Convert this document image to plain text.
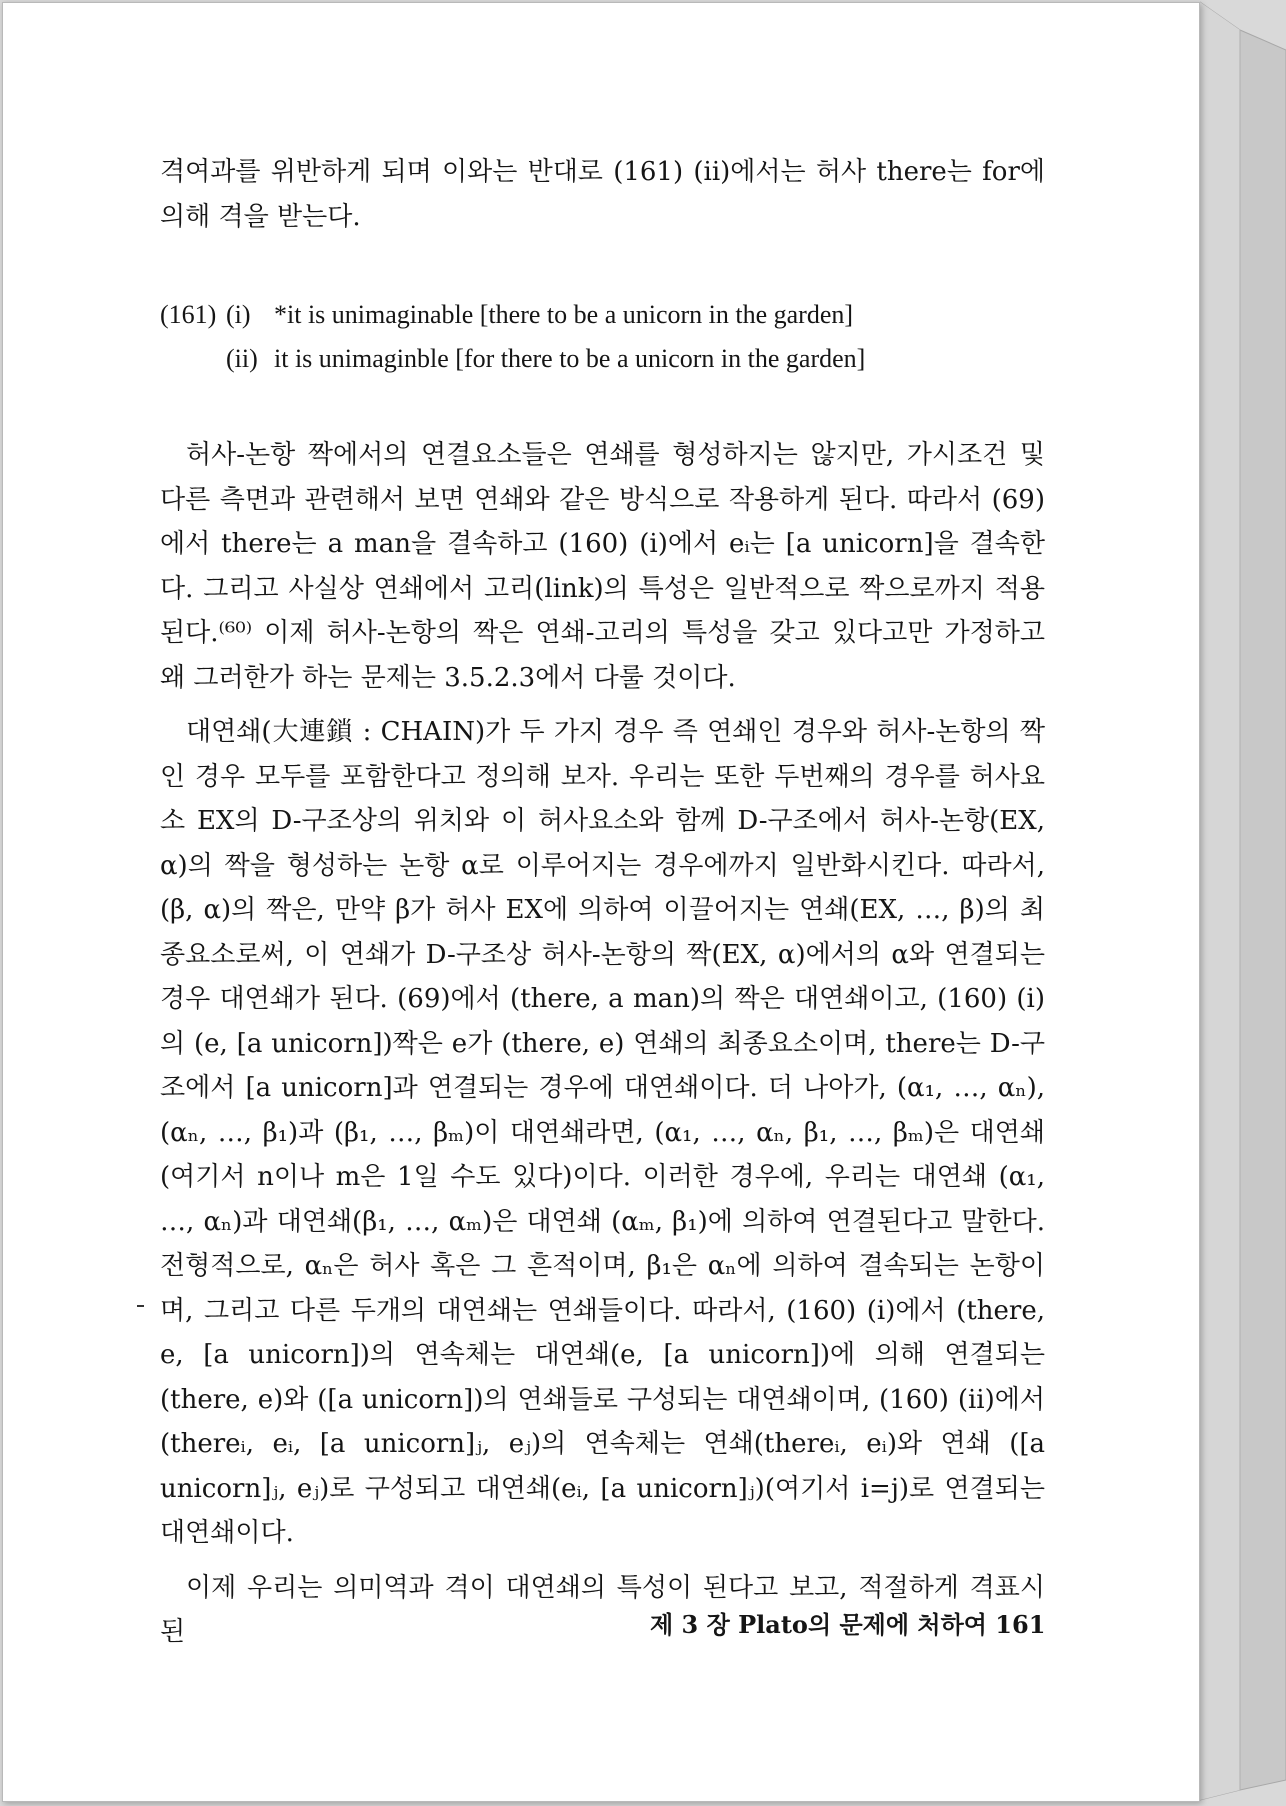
격여과를 위반하게 되며 이와는 반대로 (161) (ii)에서는 허사 there는 for에 의해 격을 받는다.

(161) (i) *it is unimaginable [there to be a unicorn in the garden]
(ii) it is unimaginble [for there to be a unicorn in the garden]

허사-논항 짝에서의 연결요소들은 연쇄를 형성하지는 않지만, 가시조건 및 다른 측면과 관련해서 보면 연쇄와 같은 방식으로 작용하게 된다. 따라서 (69)에서 there는 a man을 결속하고 (160) (i)에서 eᵢ는 [a unicorn]을 결속한다. 그리고 사실상 연쇄에서 고리(link)의 특성은 일반적으로 짝으로까지 적용된다.⁽⁶⁰⁾ 이제 허사-논항의 짝은 연쇄-고리의 특성을 갖고 있다고만 가정하고 왜 그러한가 하는 문제는 3.5.2.3에서 다룰 것이다.

대연쇄(大連鎖 : CHAIN)가 두 가지 경우 즉 연쇄인 경우와 허사-논항의 짝인 경우 모두를 포함한다고 정의해 보자. 우리는 또한 두번째의 경우를 허사요소 EX의 D-구조상의 위치와 이 허사요소와 함께 D-구조에서 허사-논항(EX, α)의 짝을 형성하는 논항 α로 이루어지는 경우에까지 일반화시킨다. 따라서, (β, α)의 짝은, 만약 β가 허사 EX에 의하여 이끌어지는 연쇄(EX, …, β)의 최종요소로써, 이 연쇄가 D-구조상 허사-논항의 짝(EX, α)에서의 α와 연결되는 경우 대연쇄가 된다. (69)에서 (there, a man)의 짝은 대연쇄이고, (160) (i)의 (e, [a unicorn])짝은 e가 (there, e) 연쇄의 최종요소이며, there는 D-구조에서 [a unicorn]과 연결되는 경우에 대연쇄이다. 더 나아가, (α₁, …, αₙ), (αₙ, …, β₁)과 (β₁, …, βₘ)이 대연쇄라면, (α₁, …, αₙ, β₁, …, βₘ)은 대연쇄(여기서 n이나 m은 1일 수도 있다)이다. 이러한 경우에, 우리는 대연쇄 (α₁, …, αₙ)과 대연쇄(β₁, …, αₘ)은 대연쇄 (αₘ, β₁)에 의하여 연결된다고 말한다. 전형적으로, αₙ은 허사 혹은 그 흔적이며, β₁은 αₙ에 의하여 결속되는 논항이며, 그리고 다른 두개의 대연쇄는 연쇄들이다. 따라서, (160) (i)에서 (there, e, [a unicorn])의 연속체는 대연쇄(e, [a unicorn])에 의해 연결되는 (there, e)와 ([a unicorn])의 연쇄들로 구성되는 대연쇄이며, (160) (ii)에서 (thereᵢ, eᵢ, [a unicorn]ⱼ, eⱼ)의 연속체는 연쇄(thereᵢ, eᵢ)와 연쇄 ([a unicorn]ⱼ, eⱼ)로 구성되고 대연쇄(eᵢ, [a unicorn]ⱼ)(여기서 i=j)로 연결되는 대연쇄이다.

이제 우리는 의미역과 격이 대연쇄의 특성이 된다고 보고, 적절하게 격표시된	제 3 장 Plato의 문제에 처하여 161
